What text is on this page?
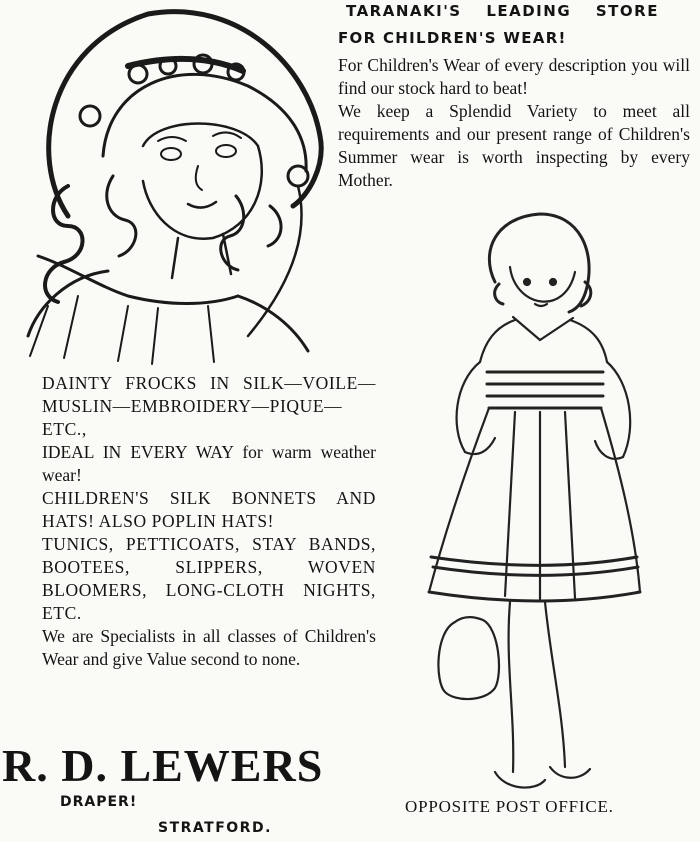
TARANAKI'S LEADING STORE
FOR CHILDREN'S WEAR!

For Children's Wear of every description you will find our stock hard to beat!

We keep a Splendid Variety to meet all requirements and our present range of Children's Summer wear is worth inspecting by every Mother.

DAINTY FROCKS IN SILK—VOILE—MUSLIN—EMBROIDERY—PIQUE—ETC.,

IDEAL IN EVERY WAY for warm weather wear!

CHILDREN'S SILK BONNETS AND HATS! ALSO POPLIN HATS!

TUNICS, PETTICOATS, STAY BANDS, BOOTEES, SLIPPERS, WOVEN BLOOMERS, LONG-CLOTH NIGHTS, ETC.

We are Specialists in all classes of Children's Wear and give Value second to none.

R. D. LEWERS
DRAPER!
STRATFORD.
OPPOSITE POST OFFICE.
